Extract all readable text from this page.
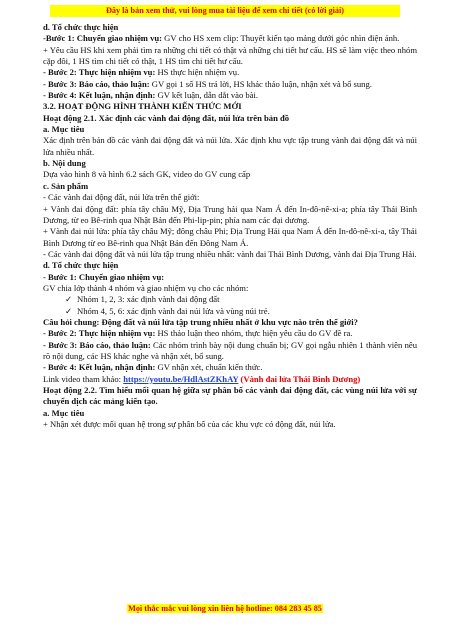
Đây là bản xem thử, vui lòng mua tài liệu để xem chi tiết (có lời giải)

d. Tổ chức thực hiện

-Bước 1: Chuyển giao nhiệm vụ: GV cho HS xem clip: Thuyết kiến tạo mảng dưới góc nhìn điện ảnh.

+ Yêu cầu HS khi xem phải tìm ra những chi tiết có thật và những chi tiết hư cấu. HS sẽ làm việc theo nhóm cặp đôi, 1 HS tìm chi tiết có thật, 1 HS tìm chi tiết hư cấu.

- Bước 2: Thực hiện nhiệm vụ: HS thực hiện nhiệm vụ.

- Bước 3: Báo cáo, thảo luận: GV gọi 1 số HS trả lời, HS khác thảo luận, nhận xét và bổ sung.

- Bước 4: Kết luận, nhận định: GV kết luận, dẫn dắt vào bài.

3.2. HOẠT ĐỘNG HÌNH THÀNH KIẾN THỨC MỚI

Hoạt động 2.1. Xác định các vành đai động đất, núi lửa trên bản đồ

a. Mục tiêu

Xác định trên bản đồ các vành đai động đất và núi lửa. Xác định khu vực tập trung vành đai động đất và núi lửa nhiều nhất.

b. Nội dung

Dựa vào hình 8 và hình 6.2 sách GK, video do GV cung cấp

c. Sản phẩm

- Các vành đai động đất, núi lửa trên thế giới:

+ Vành đai động đất: phía tây châu Mỹ, Địa Trung hải qua Nam Á đến In-đô-nê-xi-a; phía tây Thái Bình Dương, từ eo Bê-rinh qua Nhật Bản đến Phi-lip-pin; phía nam các đại dương.

+ Vành đai núi lửa: phía tây châu Mỹ; đông châu Phi; Địa Trung Hải qua Nam Á đến In-đô-nê-xi-a, tây Thái Bình Dương từ eo Bê-rinh qua Nhật Bản đến Đông Nam Á.

- Các vành đai động đất và núi lửa tập trung nhiều nhất: vành đai Thái Bình Dương, vành đai Địa Trung Hải.

d. Tổ chức thực hiện

- Bước 1: Chuyển giao nhiệm vụ:

GV chia lớp thành 4 nhóm và giao nhiệm vụ cho các nhóm:

✓ Nhóm 1, 2, 3: xác định vành đai động đất

✓ Nhóm 4, 5, 6: xác định vành đai núi lửa và vùng núi trẻ.

Câu hỏi chung: Động đất và núi lửa tập trung nhiều nhất ở khu vực nào trên thế giới?

- Bước 2: Thực hiện nhiệm vụ: HS thảo luận theo nhóm, thực hiện yêu cầu do GV đề ra.

- Bước 3: Báo cáo, thảo luận: Các nhóm trình bày nội dung chuẩn bị; GV gọi ngẫu nhiên 1 thành viên nêu rõ nội dung, các HS khác nghe và nhận xét, bổ sung.

- Bước 4: Kết luận, nhận định: GV nhận xét, chuẩn kiến thức.

Link video tham khảo: https://youtu.be/HdlAstZKhAY (Vành đai lửa Thái Bình Dương)

Hoạt động 2.2. Tìm hiểu mối quan hệ giữa sự phân bố các vành đai động đất, các vùng núi lửa với sự chuyển dịch các mảng kiến tạo.

a. Mục tiêu

+ Nhận xét được mối quan hệ trong sự phân bố của các khu vực có động đất, núi lửa.

Mọi thắc mắc vui lòng xin liên hệ hotline: 084 283 45 85
